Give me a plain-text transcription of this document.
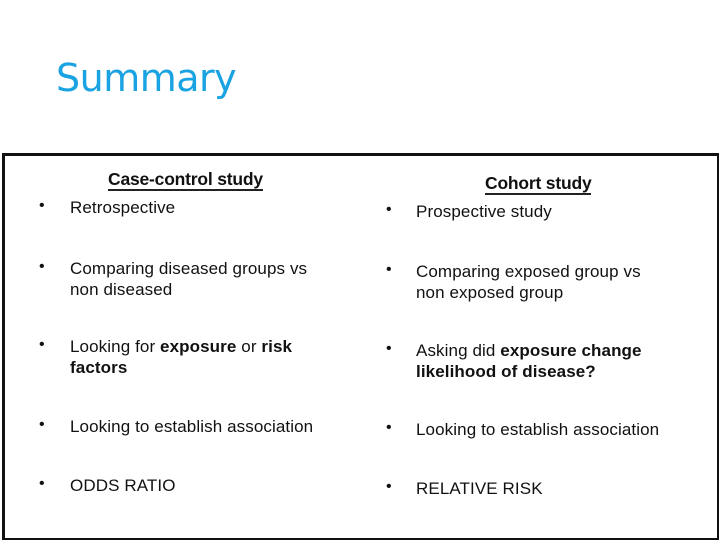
Summary
Case-control study
• Retrospective
• Comparing diseased groups vs
non diseased
• Looking for exposure or risk
factors
• Looking to establish association
• ODDS RATIO
Cohort study
• Prospective study
• Comparing exposed group vs
non exposed group
• Asking did exposure change
likelihood of disease?
• Looking to establish association
• RELATIVE RISK
